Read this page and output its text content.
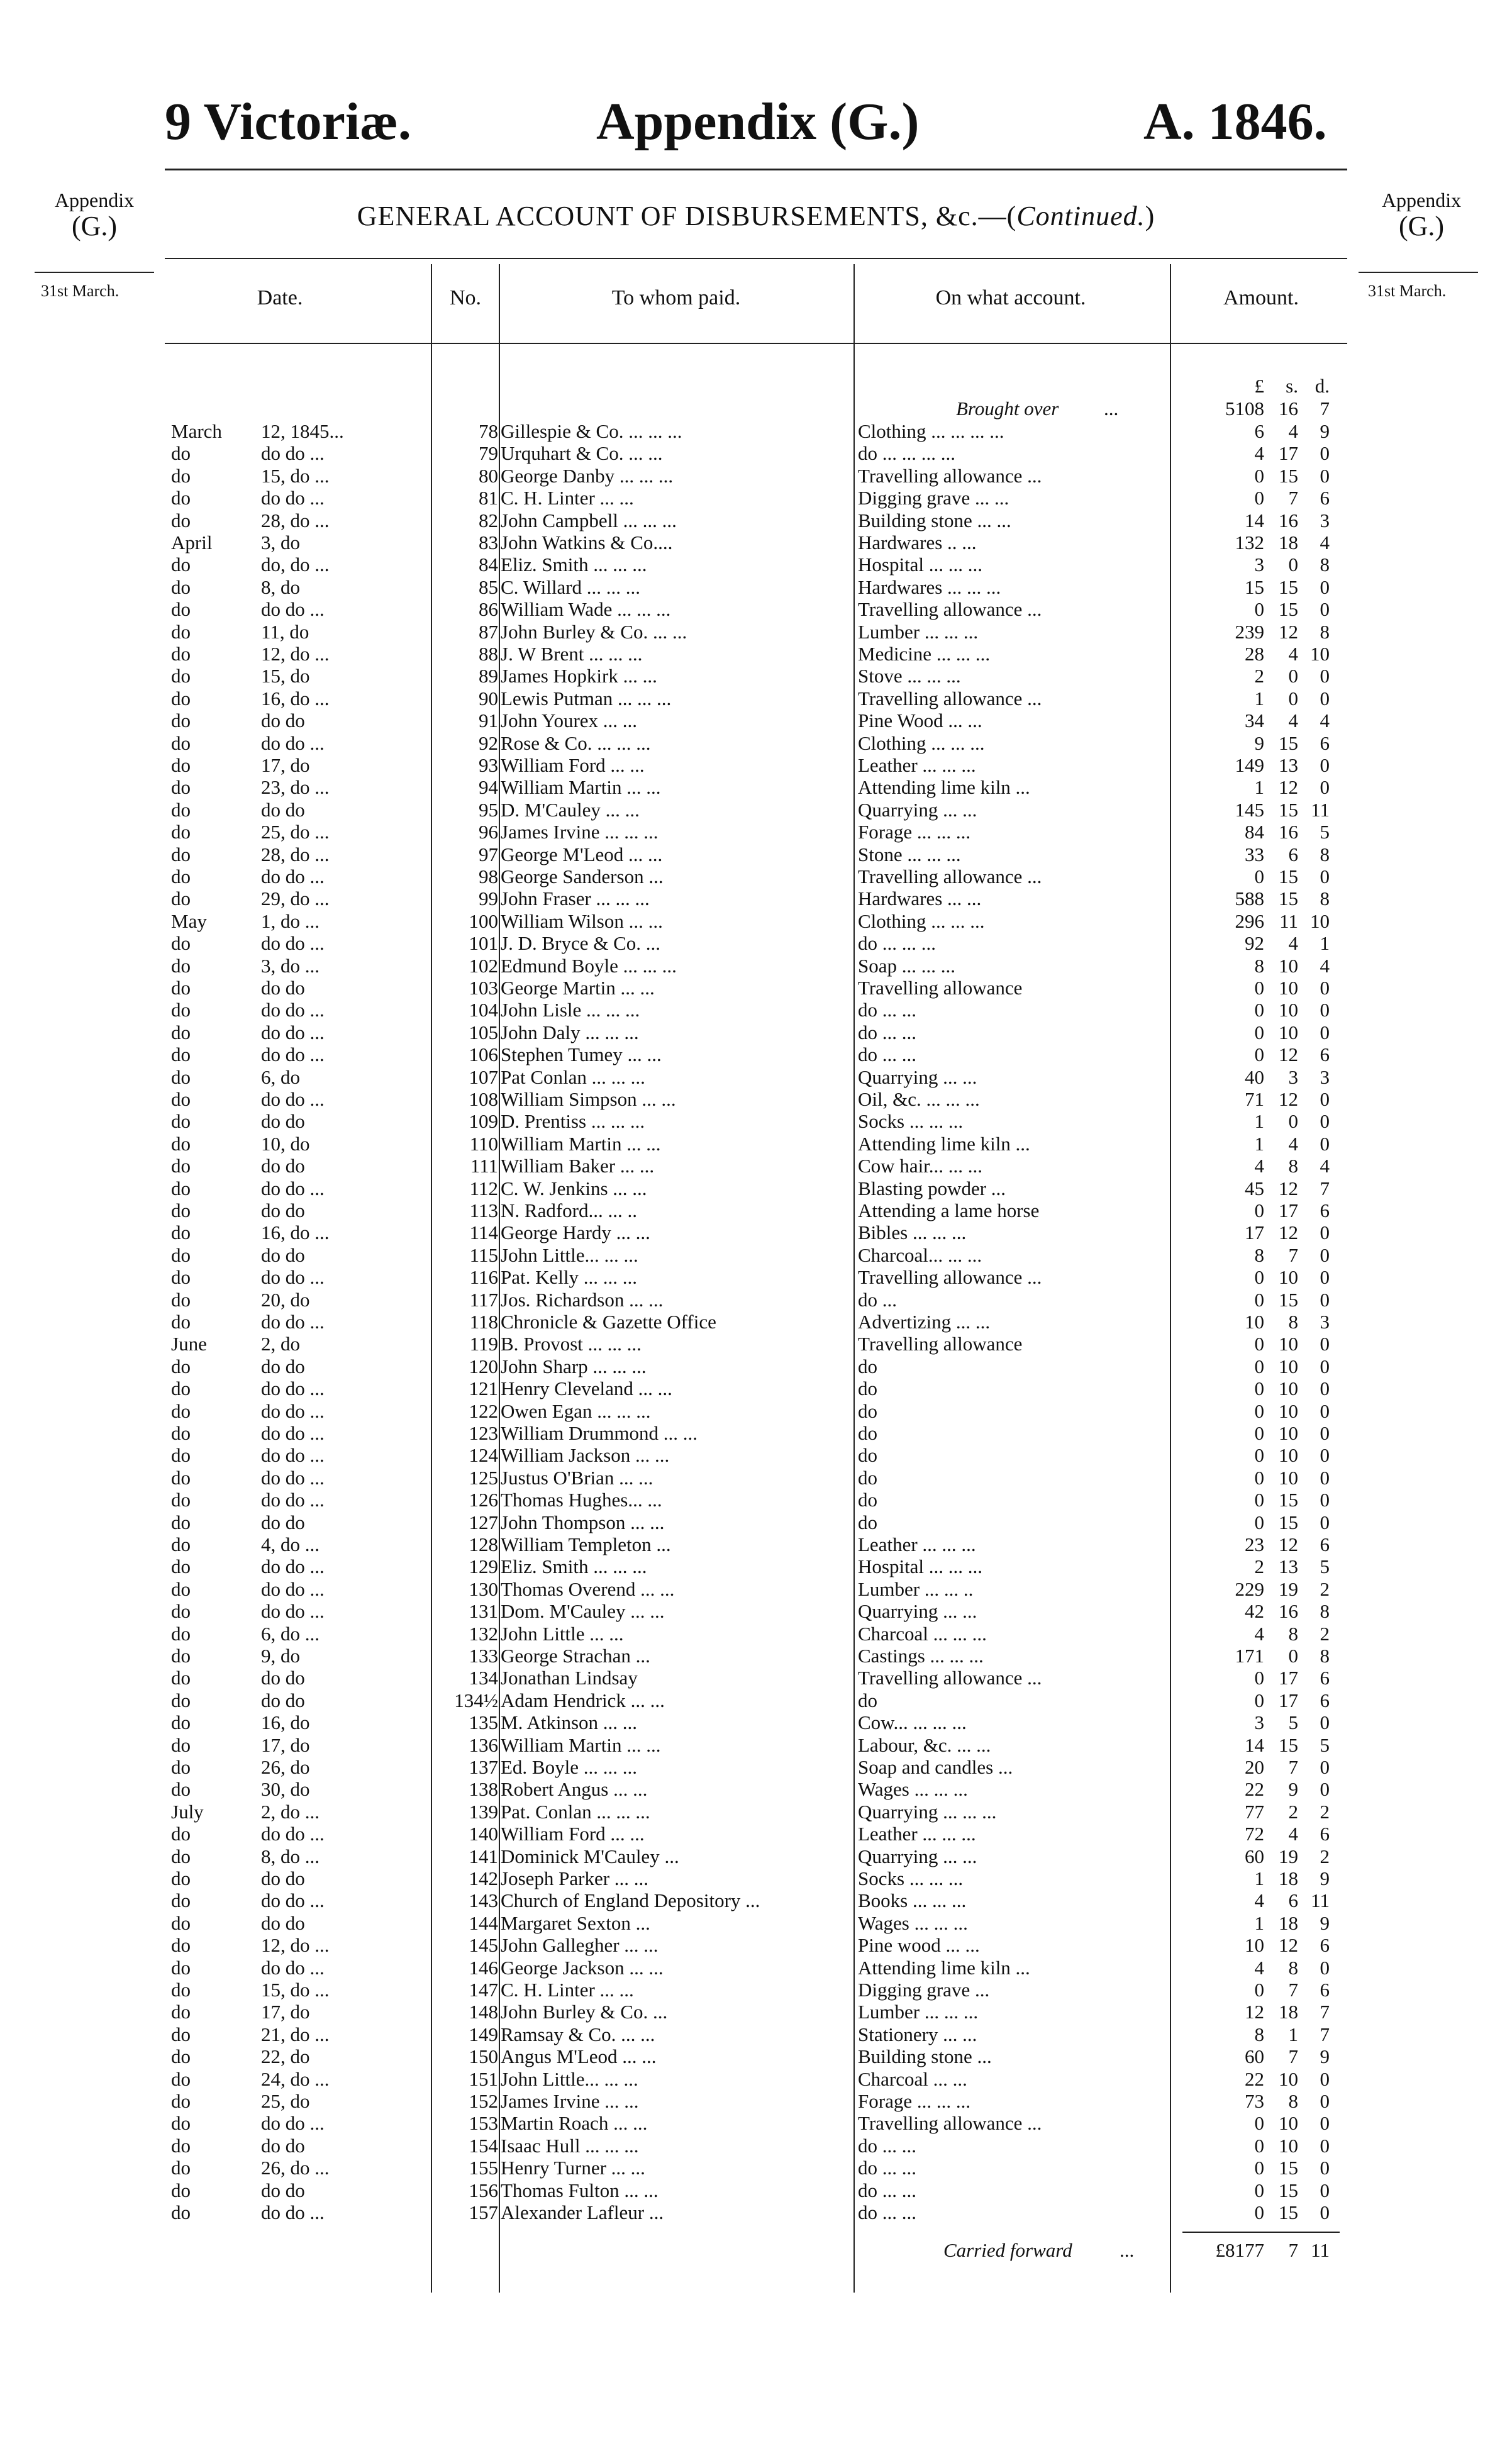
9 Victoriæ.	Appendix (G.)	A. 1846.
Appendix
(G.)
31st March.
Appendix
(G.)
31st March.
GENERAL ACCOUNT OF DISBURSEMENTS, &c.—(Continued.)
Date.	No.	To whom paid.	On what account.	Amount.
£	s. d.
Brought over ...	5108 16	7
March	12, 1845...	78 Gillespie & Co. ... ... ...	Clothing ... ... ... ...	6	4	9
do	do do ...	79 Urquhart & Co. ... ...	do ... ... ... ...	4 17	0
do	15, do ...	80 George Danby ... ... ...	Travelling allowance ...	0 15	0
do	do do ...	81 C. H. Linter ... ...	Digging grave ... ...	0	7	6
do	28, do ...	82 John Campbell ... ... ...	Building stone ... ...	14 16	3
April	3, do	83 John Watkins & Co....	Hardwares .. ...	132 18	4
do	do, do ...	84 Eliz. Smith ... ... ...	Hospital ... ... ...	3	0	8
do	8, do	85 C. Willard ... ... ...	Hardwares ... ... ...	15 15	0
do	do do ...	86 William Wade ... ... ...	Travelling allowance ...	0 15	0
do	11, do	87 John Burley & Co. ... ...	Lumber ... ... ...	239 12	8
do	12, do ...	88 J. W Brent ... ... ...	Medicine ... ... ...	28	4 10
do	15, do	89 James Hopkirk ... ...	Stove ... ... ...	2	0	0
do	16, do ...	90 Lewis Putman ... ... ...	Travelling allowance ...	1	0	0
do	do do	91 John Yourex ... ...	Pine Wood ... ...	34	4	4
do	do do ...	92 Rose & Co. ... ... ...	Clothing ... ... ...	9 15	6
do	17, do	93 William Ford ... ...	Leather ... ... ...	149 13	0
do	23, do ...	94 William Martin ... ...	Attending lime kiln ...	1 12	0
do	do do	95 D. M'Cauley ... ...	Quarrying ... ...	145 15 11
do	25, do ...	96 James Irvine ... ... ...	Forage ... ... ...	84 16	5
do	28, do ...	97 George M'Leod ... ...	Stone ... ... ...	33	6	8
do	do do ...	98 George Sanderson ...	Travelling allowance ...	0 15	0
do	29, do ...	99 John Fraser ... ... ...	Hardwares ... ...	588 15	8
May	1, do ...	100 William Wilson ... ...	Clothing ... ... ...	296 11 10
do	do do ...	101 J. D. Bryce & Co. ...	do ... ... ...	92	4	1
do	3, do ...	102 Edmund Boyle ... ... ...	Soap ... ... ...	8 10	4
do	do do	103 George Martin ... ...	Travelling allowance	0 10	0
do	do do ...	104 John Lisle ... ... ...	do ... ...	0 10	0
do	do do ...	105 John Daly ... ... ...	do ... ...	0 10	0
do	do do ...	106 Stephen Tumey ... ...	do ... ...	0 12	6
do	6, do	107 Pat Conlan ... ... ...	Quarrying ... ...	40	3	3
do	do do ...	108 William Simpson ... ...	Oil, &c. ... ... ...	71 12	0
do	do do	109 D. Prentiss ... ... ...	Socks ... ... ...	1	0	0
do	10, do	110 William Martin ... ...	Attending lime kiln ...	1	4	0
do	do do	111 William Baker ... ...	Cow hair... ... ...	4	8	4
do	do do ...	112 C. W. Jenkins ... ...	Blasting powder ...	45 12	7
do	do do	113 N. Radford... ... ..	Attending a lame horse	0 17	6
do	16, do ...	114 George Hardy ... ...	Bibles ... ... ...	17 12	0
do	do do	115 John Little... ... ...	Charcoal... ... ...	8	7	0
do	do do ...	116 Pat. Kelly ... ... ...	Travelling allowance ...	0 10	0
do	20, do	117 Jos. Richardson ... ...	do ...	0 15	0
do	do do ...	118 Chronicle & Gazette Office	Advertizing ... ...	10	8	3
June	2, do	119 B. Provost ... ... ...	Travelling allowance	0 10	0
do	do do	120 John Sharp ... ... ...	do	0 10	0
do	do do ...	121 Henry Cleveland ... ...	do	0 10	0
do	do do ...	122 Owen Egan ... ... ...	do	0 10	0
do	do do ...	123 William Drummond ... ...	do	0 10	0
do	do do ...	124 William Jackson ... ...	do	0 10	0
do	do do ...	125 Justus O'Brian ... ...	do	0 10	0
do	do do ...	126 Thomas Hughes... ...	do	0 15	0
do	do do	127 John Thompson ... ...	do	0 15	0
do	4, do ...	128 William Templeton ...	Leather ... ... ...	23 12	6
do	do do ...	129 Eliz. Smith ... ... ...	Hospital ... ... ...	2 13	5
do	do do ...	130 Thomas Overend ... ...	Lumber ... ... ..	229 19	2
do	do do ...	131 Dom. M'Cauley ... ...	Quarrying ... ...	42 16	8
do	6, do ...	132 John Little ... ...	Charcoal ... ... ...	4	8	2
do	9, do	133 George Strachan ...	Castings ... ... ...	171	0	8
do	do do	134 Jonathan Lindsay	Travelling allowance ...	0 17	6
do	do do	134½ Adam Hendrick ... ...	do	0 17	6
do	16, do	135 M. Atkinson ... ...	Cow... ... ... ...	3	5	0
do	17, do	136 William Martin ... ...	Labour, &c. ... ...	14 15	5
do	26, do	137 Ed. Boyle ... ... ...	Soap and candles ...	20	7	0
do	30, do	138 Robert Angus ... ...	Wages ... ... ...	22	9	0
July	2, do ...	139 Pat. Conlan ... ... ...	Quarrying ... ... ...	77	2	2
do	do do ...	140 William Ford ... ...	Leather ... ... ...	72	4	6
do	8, do ...	141 Dominick M'Cauley ...	Quarrying ... ...	60 19	2
do	do do	142 Joseph Parker ... ...	Socks ... ... ...	1 18	9
do	do do ...	143 Church of England Depository ...	Books ... ... ...	4	6 11
do	do do	144 Margaret Sexton ...	Wages ... ... ...	1 18	9
do	12, do ...	145 John Gallegher ... ...	Pine wood ... ...	10 12	6
do	do do ...	146 George Jackson ... ...	Attending lime kiln ...	4	8	0
do	15, do ...	147 C. H. Linter ... ...	Digging grave ...	0	7	6
do	17, do	148 John Burley & Co. ...	Lumber ... ... ...	12 18	7
do	21, do ...	149 Ramsay & Co. ... ...	Stationery ... ...	8	1	7
do	22, do	150 Angus M'Leod ... ...	Building stone ...	60	7	9
do	24, do ...	151 John Little... ... ...	Charcoal ... ...	22 10	0
do	25, do	152 James Irvine ... ...	Forage ... ... ...	73	8	0
do	do do ...	153 Martin Roach ... ...	Travelling allowance ...	0 10	0
do	do do	154 Isaac Hull ... ... ...	do ... ...	0 10	0
do	26, do ...	155 Henry Turner ... ...	do ... ...	0 15	0
do	do do	156 Thomas Fulton ... ...	do ... ...	0 15	0
do	do do ...	157 Alexander Lafleur ...	do ... ...	0 15	0
Carried forward ...	£8177	7 11
